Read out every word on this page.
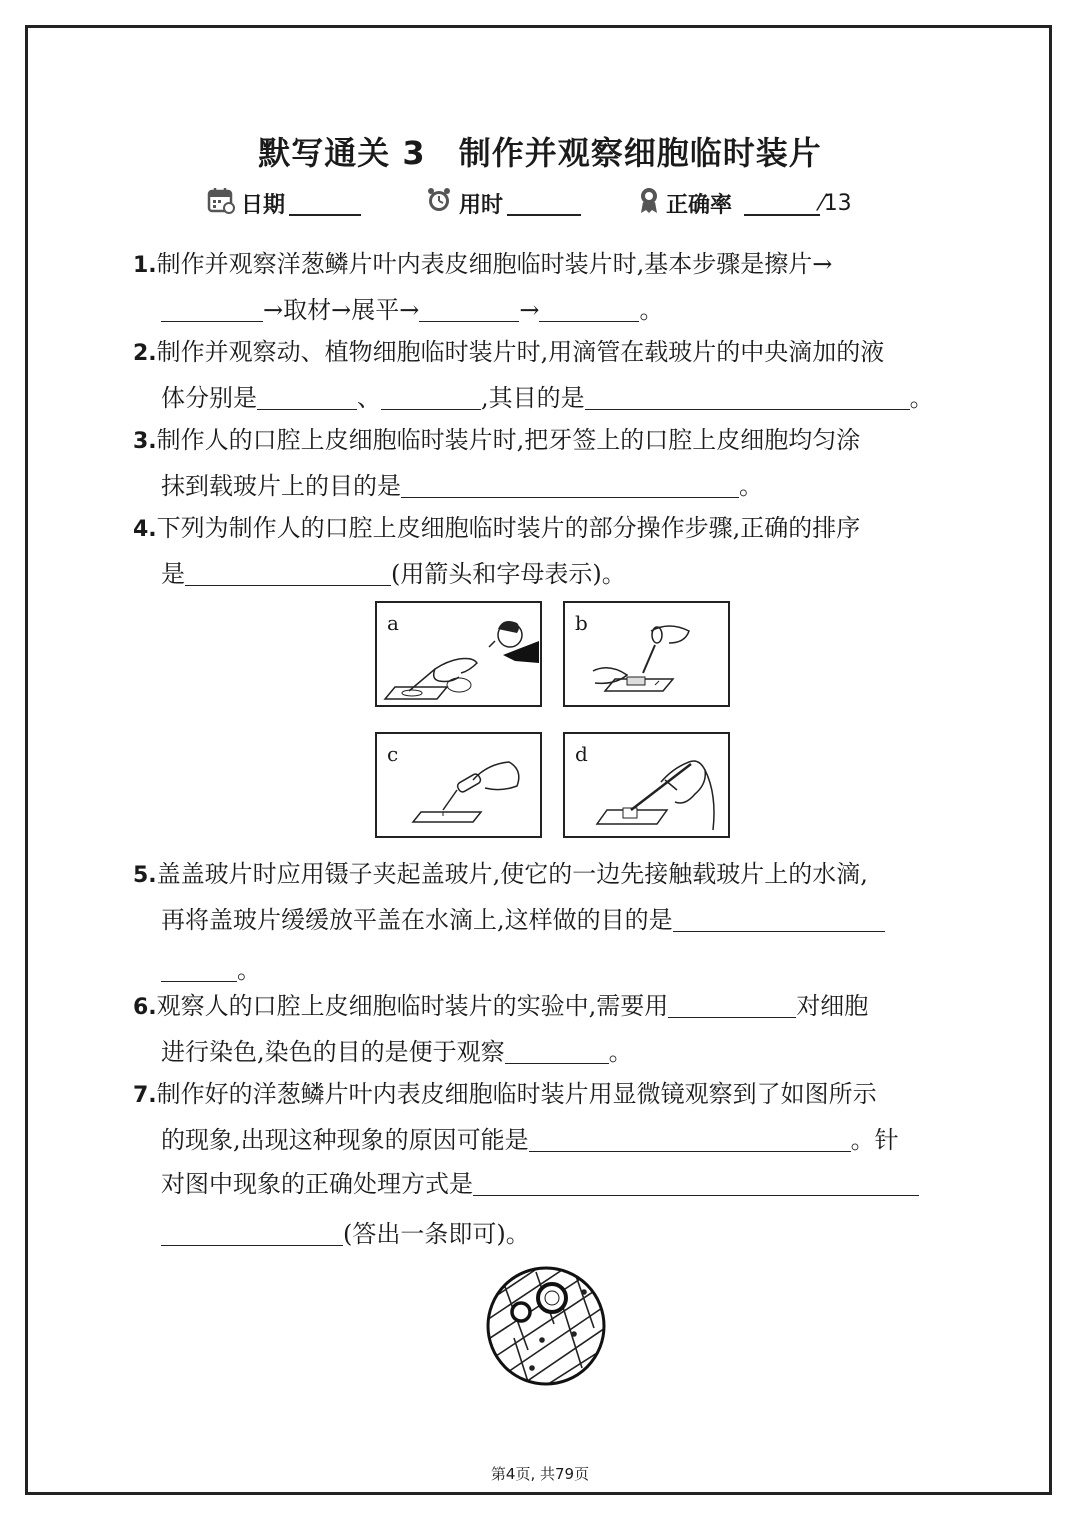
默写通关 3　制作并观察细胞临时装片
日期	用时	正确率	⁄13
1.制作并观察洋葱鳞片叶内表皮细胞临时装片时,基本步骤是擦片→
→取材→展平→	→	。
2.制作并观察动、植物细胞临时装片时,用滴管在载玻片的中央滴加的液
体分别是	、	,其目的是	。
3.制作人的口腔上皮细胞临时装片时,把牙签上的口腔上皮细胞均匀涂
抹到载玻片上的目的是	。
4.下列为制作人的口腔上皮细胞临时装片的部分操作步骤,正确的排序
是	(用箭头和字母表示)。
a	b
c	d
5.盖盖玻片时应用镊子夹起盖玻片,使它的一边先接触载玻片上的水滴,
再将盖玻片缓缓放平盖在水滴上,这样做的目的是
。
6.观察人的口腔上皮细胞临时装片的实验中,需要用	对细胞
进行染色,染色的目的是便于观察	。
7.制作好的洋葱鳞片叶内表皮细胞临时装片用显微镜观察到了如图所示
的现象,出现这种现象的原因可能是	。针
对图中现象的正确处理方式是
(答出一条即可)。
第4页, 共79页
